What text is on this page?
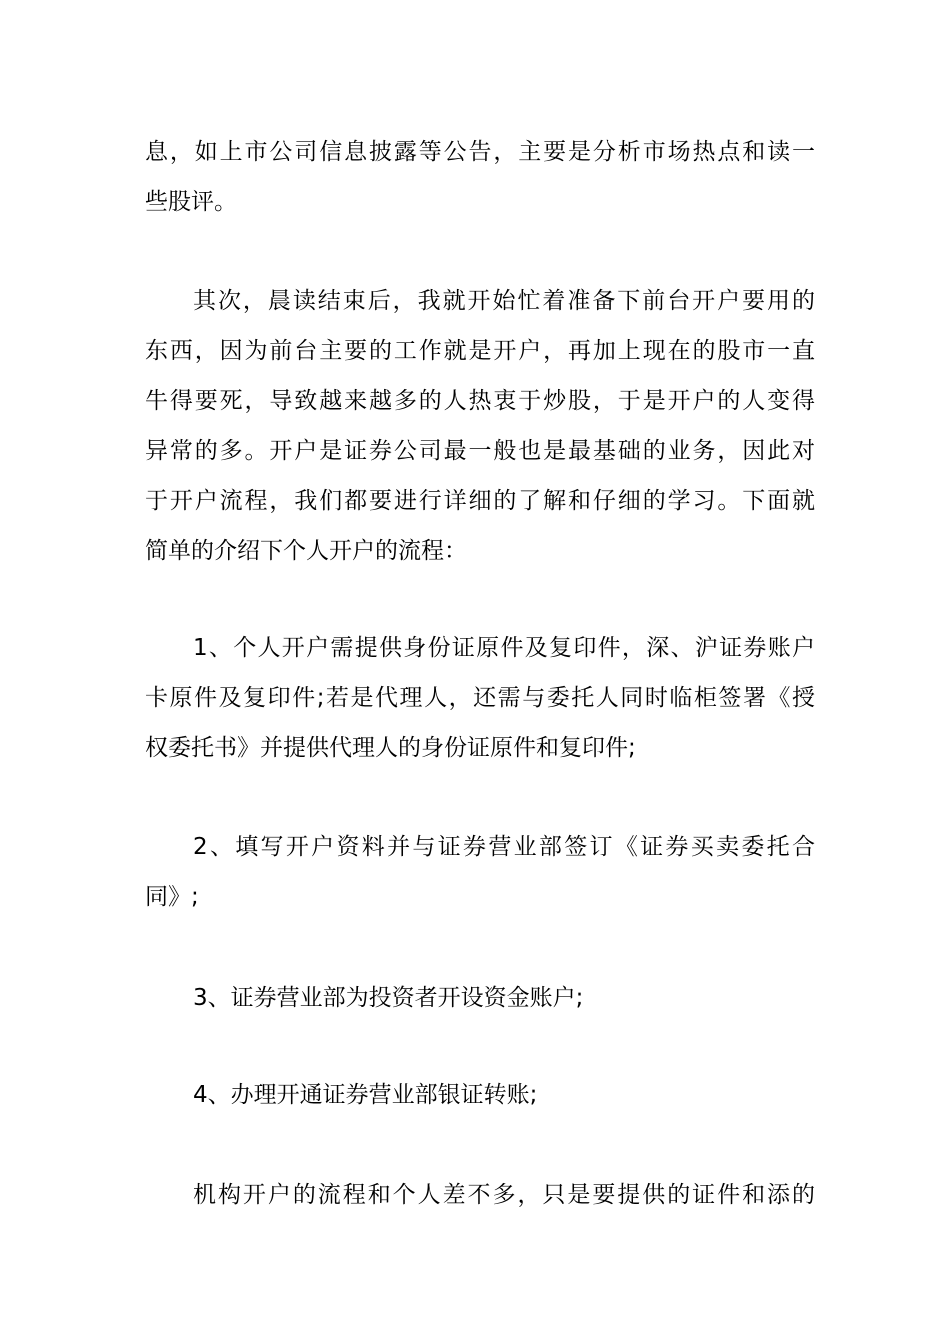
息，如上市公司信息披露等公告，主要是分析市场热点和读一
些股评。
其次，晨读结束后，我就开始忙着准备下前台开户要用的
东西，因为前台主要的工作就是开户，再加上现在的股市一直
牛得要死，导致越来越多的人热衷于炒股，于是开户的人变得
异常的多。开户是证券公司最一般也是最基础的业务，因此对
于开户流程，我们都要进行详细的了解和仔细的学习。下面就
简单的介绍下个人开户的流程：
1、个人开户需提供身份证原件及复印件，深、沪证券账户
卡原件及复印件;若是代理人，还需与委托人同时临柜签署《授
权委托书》并提供代理人的身份证原件和复印件;
2、填写开户资料并与证券营业部签订《证券买卖委托合
同》;
3、证券营业部为投资者开设资金账户;
4、办理开通证券营业部银证转账;
机构开户的流程和个人差不多，只是要提供的证件和添的
